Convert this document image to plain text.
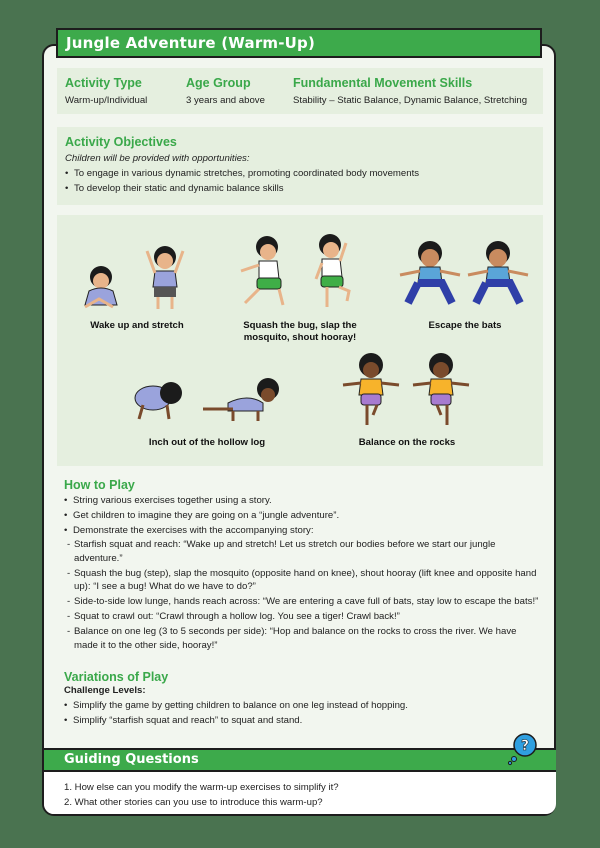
Jungle Adventure (Warm-Up)
Activity Type
Warm-up/Individual
Age Group
3 years and above
Fundamental Movement Skills
Stability – Static Balance, Dynamic Balance, Stretching
Activity Objectives
Children will be provided with opportunities:
• To engage in various dynamic stretches, promoting coordinated body movements
• To develop their static and dynamic balance skills
Wake up and stretch	Squash the bug, slap the
mosquito, shout hooray!
Escape the bats
Inch out of the hollow log	Balance on the rocks
How to Play
• String various exercises together using a story.
• Get children to imagine they are going on a “jungle adventure”.
• Demonstrate the exercises with the accompanying story:
- Starfish squat and reach: “Wake up and stretch! Let us stretch our bodies before we start our jungle adventure.”
- Squash the bug (step), slap the mosquito (opposite hand on knee), shout hooray (lift knee and opposite hand up): “I see a bug! What do we have to do?”
- Side-to-side low lunge, hands reach across: “We are entering a cave full of bats, stay low to escape the bats!”
- Squat to crawl out: “Crawl through a hollow log. You see a tiger! Crawl back!”
- Balance on one leg (3 to 5 seconds per side): “Hop and balance on the rocks to cross the river. We have made it to the other side, hooray!”
Variations of Play
Challenge Levels:
• Simplify the game by getting children to balance on one leg instead of hopping.
• Simplify “starfish squat and reach” to squat and stand.
Guiding Questions
?
1. How else can you modify the warm-up exercises to simplify it?
2. What other stories can you use to introduce this warm-up?
